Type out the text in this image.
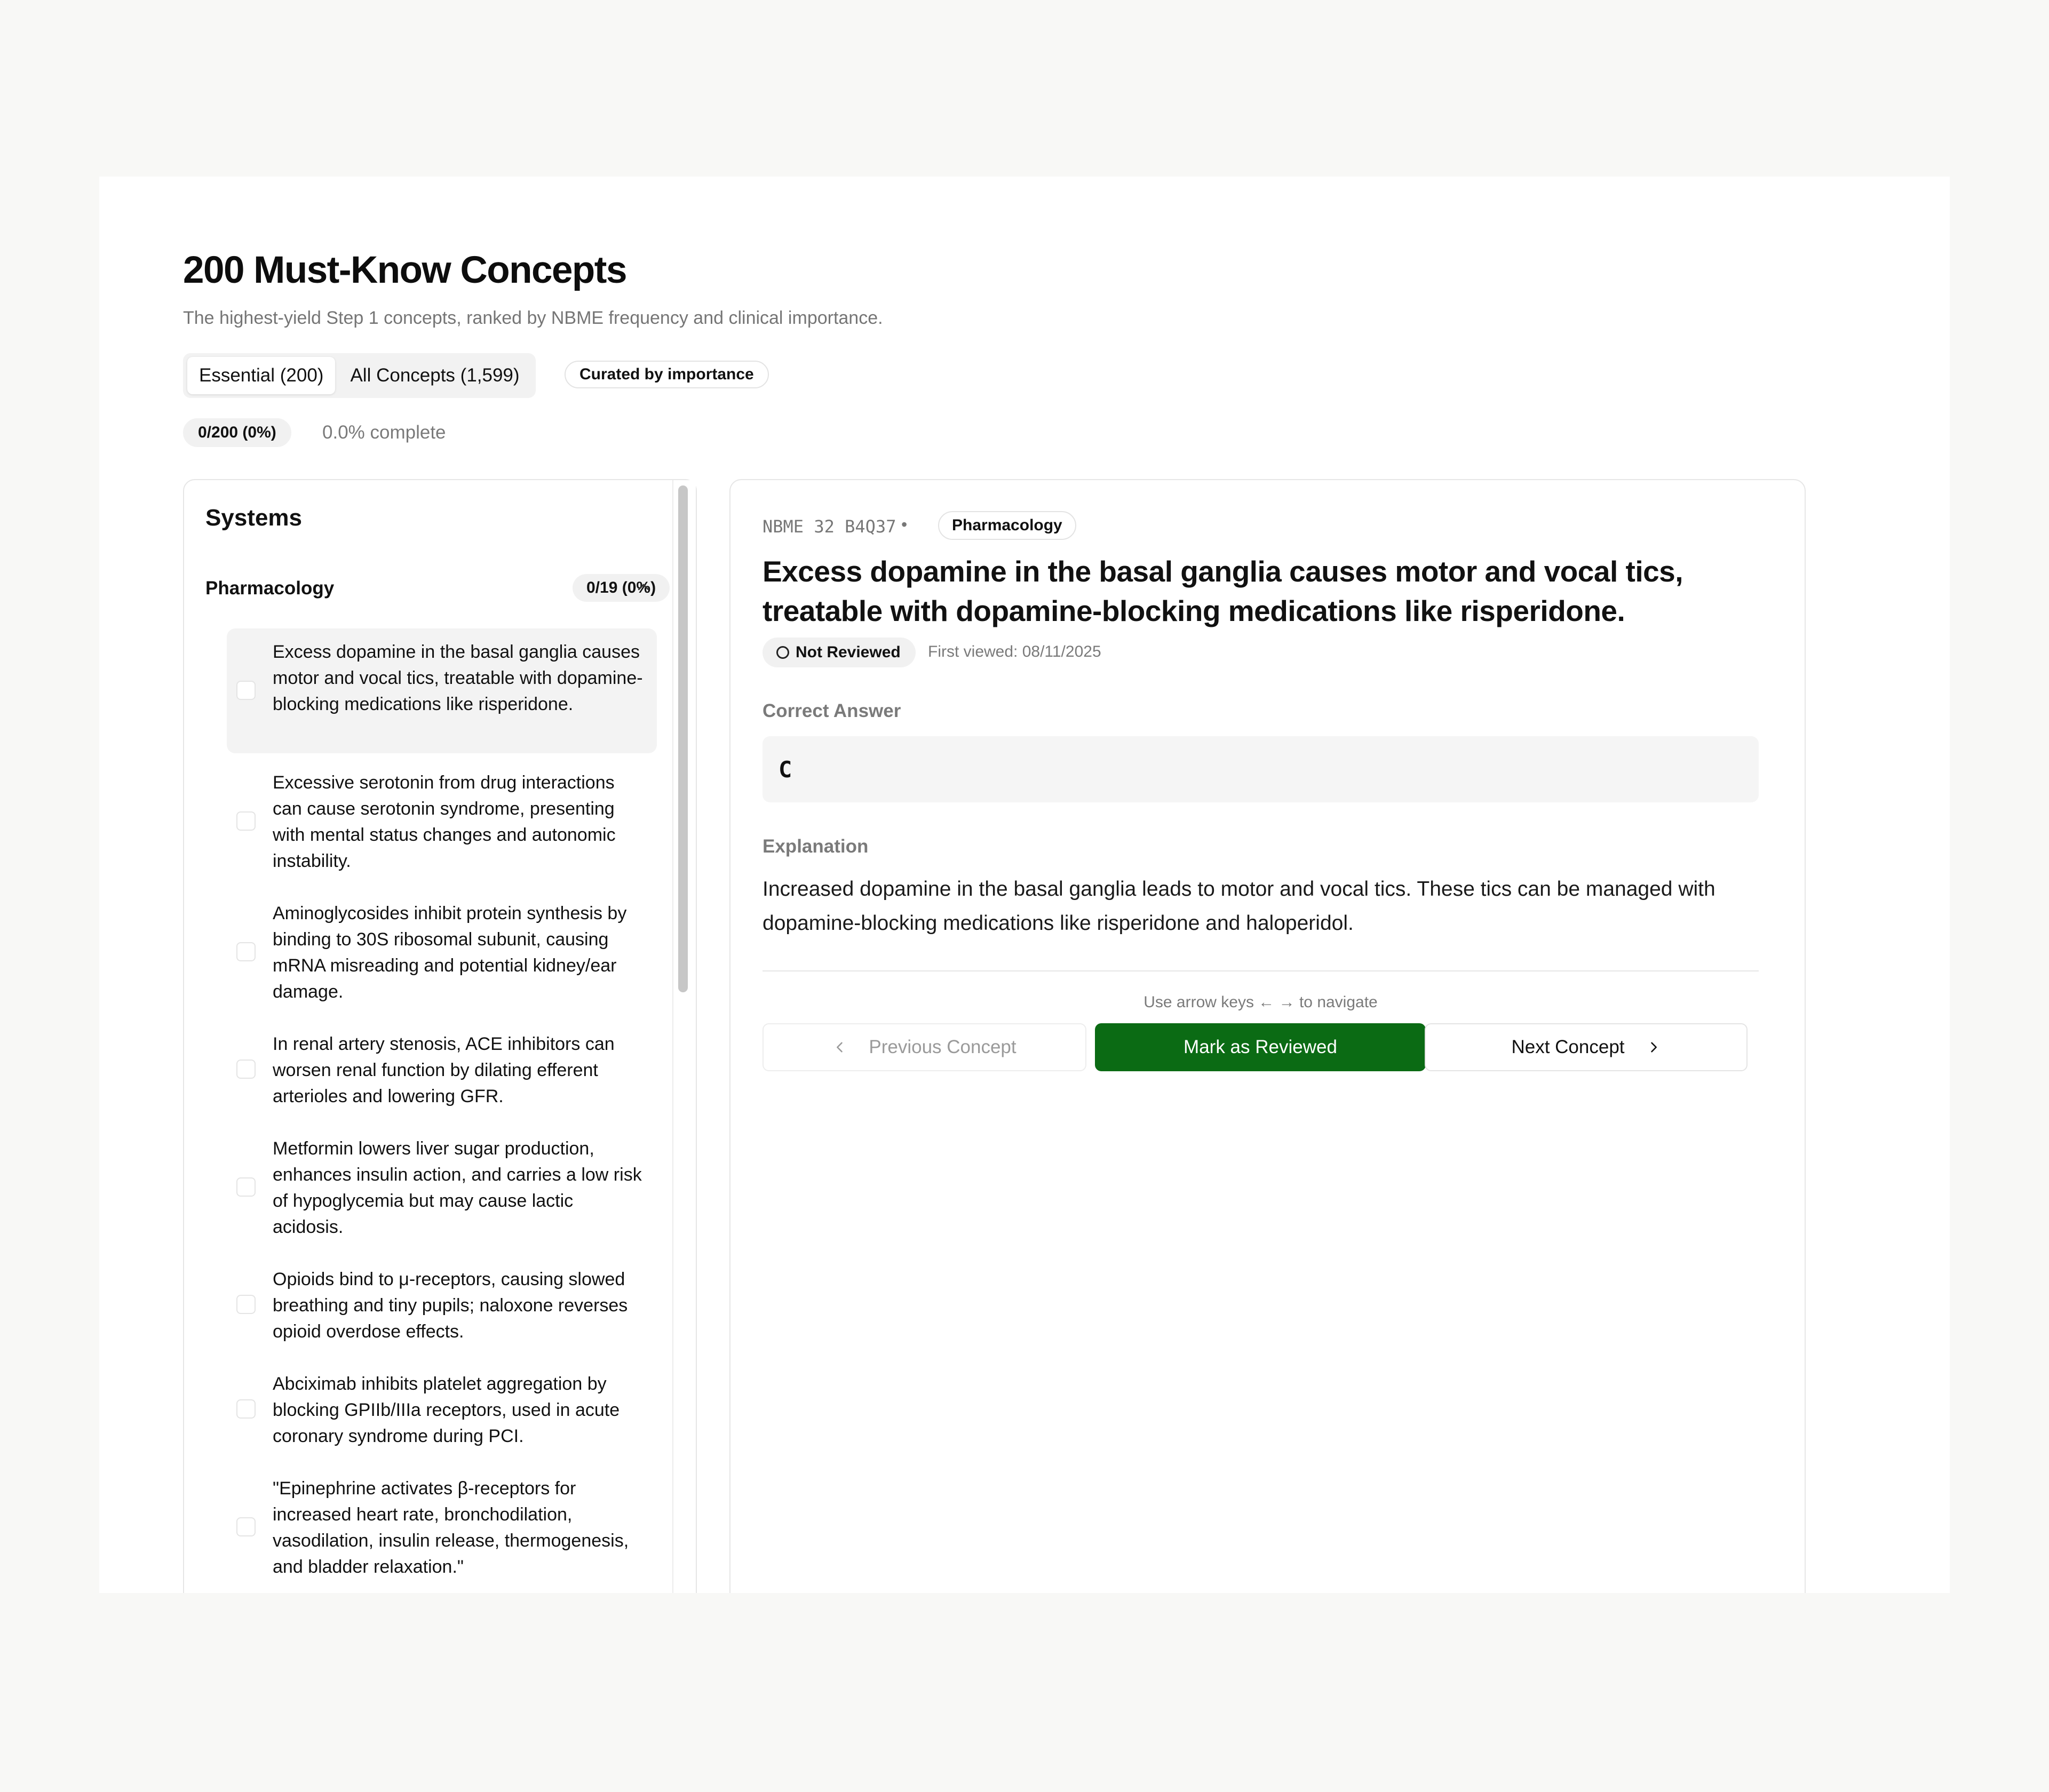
200 Must-Know Concepts
The highest-yield Step 1 concepts, ranked by NBME frequency and clinical importance.
Essential (200)	All Concepts (1,599)	Curated by importance
0/200 (0%)	0.0% complete
Systems
Pharmacology	0/19 (0%)
Excess dopamine in the basal ganglia causes motor and vocal tics, treatable with dopamine-blocking medications like risperidone.
Excessive serotonin from drug interactions can cause serotonin syndrome, presenting with mental status changes and autonomic instability.
Aminoglycosides inhibit protein synthesis by binding to 30S ribosomal subunit, causing mRNA misreading and potential kidney/ear damage.
In renal artery stenosis, ACE inhibitors can worsen renal function by dilating efferent arterioles and lowering GFR.
Metformin lowers liver sugar production, enhances insulin action, and carries a low risk of hypoglycemia but may cause lactic acidosis.
Opioids bind to μ-receptors, causing slowed breathing and tiny pupils; naloxone reverses opioid overdose effects.
Abciximab inhibits platelet aggregation by blocking GPIIb/IIIa receptors, used in acute coronary syndrome during PCI.
"Epinephrine activates β-receptors for increased heart rate, bronchodilation, vasodilation, insulin release, thermogenesis, and bladder relaxation."
NBME 32 B4Q37 •	Pharmacology
Excess dopamine in the basal ganglia causes motor and vocal tics, treatable with dopamine-blocking medications like risperidone.
Not Reviewed First viewed: 08/11/2025
Correct Answer
C
Explanation
Increased dopamine in the basal ganglia leads to motor and vocal tics. These tics can be managed with dopamine-blocking medications like risperidone and haloperidol.
Use arrow keys ← → to navigate
Previous Concept	Mark as Reviewed	Next Concept
